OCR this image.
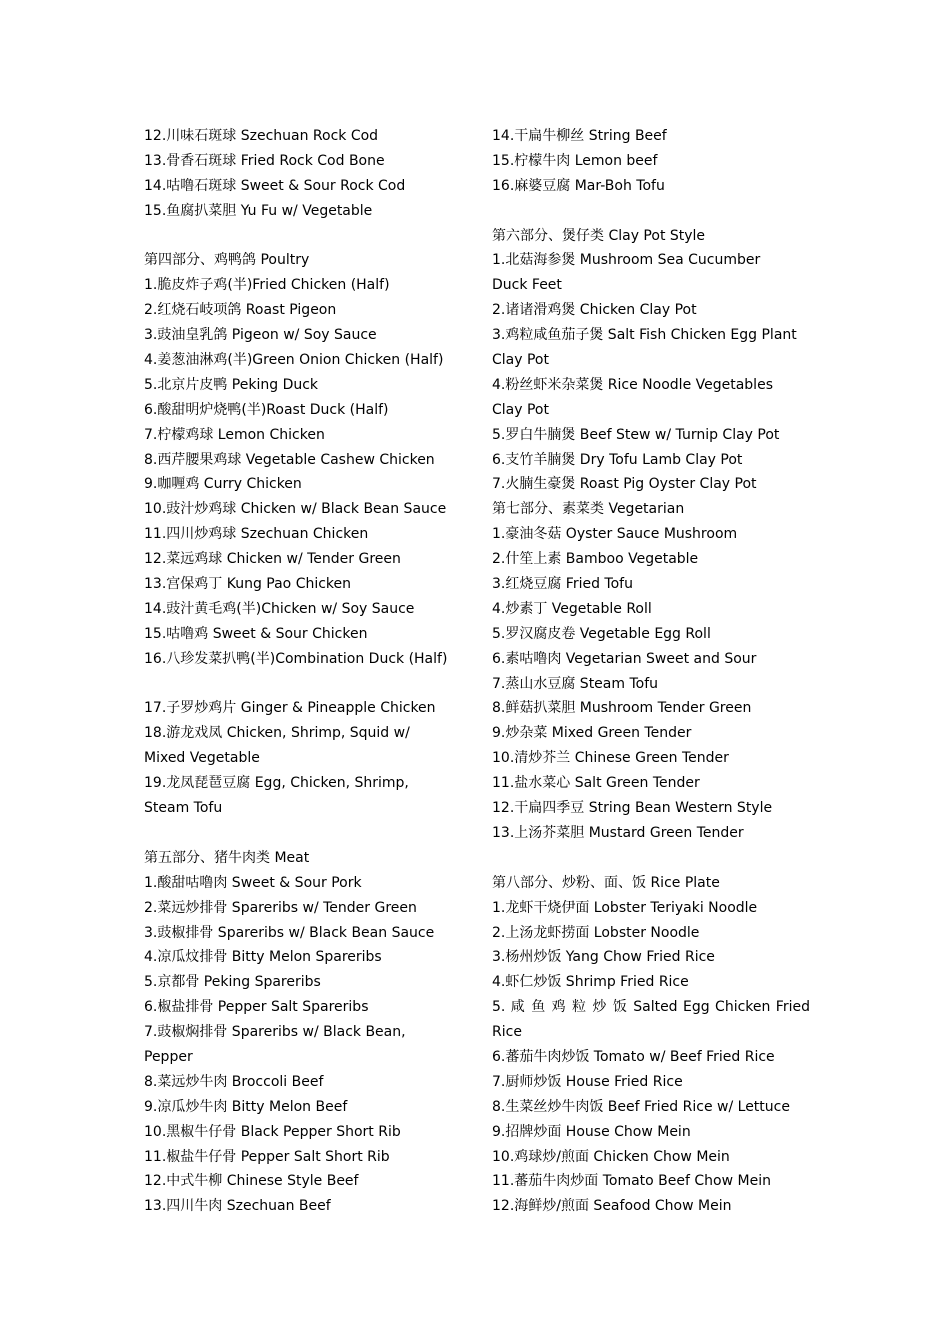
12.川味石斑球 Szechuan Rock Cod
13.骨香石斑球 Fried Rock Cod Bone
14.咕噜石斑球 Sweet & Sour Rock Cod
15.鱼腐扒菜胆 Yu Fu w/ Vegetable
第四部分、鸡鸭鸽 Poultry
1.脆皮炸子鸡(半)Fried Chicken (Half)
2.红烧石岐项鸽 Roast Pigeon
3.豉油皇乳鸽 Pigeon w/ Soy Sauce
4.姜葱油淋鸡(半)Green Onion Chicken (Half)
5.北京片皮鸭 Peking Duck
6.酸甜明炉烧鸭(半)Roast Duck (Half)
7.柠檬鸡球 Lemon Chicken
8.西芹腰果鸡球 Vegetable Cashew Chicken
9.咖喱鸡 Curry Chicken
10.豉汁炒鸡球 Chicken w/ Black Bean Sauce
11.四川炒鸡球 Szechuan Chicken
12.菜远鸡球 Chicken w/ Tender Green
13.宫保鸡丁 Kung Pao Chicken
14.豉汁黄毛鸡(半)Chicken w/ Soy Sauce
15.咕噜鸡 Sweet & Sour Chicken
16.八珍发菜扒鸭(半)Combination Duck (Half)
17.子罗炒鸡片 Ginger & Pineapple Chicken
18.游龙戏凤 Chicken, Shrimp, Squid w/
Mixed Vegetable
19.龙凤琵琶豆腐 Egg, Chicken, Shrimp,
Steam Tofu
第五部分、猪牛肉类 Meat
1.酸甜咕噜肉 Sweet & Sour Pork
2.菜远炒排骨 Spareribs w/ Tender Green
3.豉椒排骨 Spareribs w/ Black Bean Sauce
4.凉瓜炆排骨 Bitty Melon Spareribs
5.京都骨 Peking Spareribs
6.椒盐排骨 Pepper Salt Spareribs
7.豉椒焖排骨 Spareribs w/ Black Bean,
Pepper
8.菜远炒牛肉 Broccoli Beef
9.凉瓜炒牛肉 Bitty Melon Beef
10.黑椒牛仔骨 Black Pepper Short Rib
11.椒盐牛仔骨 Pepper Salt Short Rib
12.中式牛柳 Chinese Style Beef
13.四川牛肉 Szechuan Beef
14.干扁牛柳丝 String Beef
15.柠檬牛肉 Lemon beef
16.麻婆豆腐 Mar-Boh Tofu
第六部分、煲仔类 Clay Pot Style
1.北菇海参煲 Mushroom Sea Cucumber
Duck Feet
2.诸诸滑鸡煲 Chicken Clay Pot
3.鸡粒咸鱼茄子煲 Salt Fish Chicken Egg Plant
Clay Pot
4.粉丝虾米杂菜煲 Rice Noodle Vegetables
Clay Pot
5.罗白牛腩煲 Beef Stew w/ Turnip Clay Pot
6.支竹羊腩煲 Dry Tofu Lamb Clay Pot
7.火腩生豪煲 Roast Pig Oyster Clay Pot
第七部分、素菜类 Vegetarian
1.豪油冬菇 Oyster Sauce Mushroom
2.什笙上素 Bamboo Vegetable
3.红烧豆腐 Fried Tofu
4.炒素丁 Vegetable Roll
5.罗汉腐皮卷 Vegetable Egg Roll
6.素咕噜肉 Vegetarian Sweet and Sour
7.蒸山水豆腐 Steam Tofu
8.鲜菇扒菜胆 Mushroom Tender Green
9.炒杂菜 Mixed Green Tender
10.清炒芥兰 Chinese Green Tender
11.盐水菜心 Salt Green Tender
12.干扁四季豆 String Bean Western Style
13.上汤芥菜胆 Mustard Green Tender
第八部分、炒粉、面、饭 Rice Plate
1.龙虾干烧伊面 Lobster Teriyaki Noodle
2.上汤龙虾捞面 Lobster Noodle
3.杨州炒饭 Yang Chow Fried Rice
4.虾仁炒饭 Shrimp Fried Rice
5. 咸 鱼 鸡 粒 炒 饭 Salted Egg Chicken Fried
Rice
6.蕃茄牛肉炒饭 Tomato w/ Beef Fried Rice
7.厨师炒饭 House Fried Rice
8.生菜丝炒牛肉饭 Beef Fried Rice w/ Lettuce
9.招牌炒面 House Chow Mein
10.鸡球炒/煎面 Chicken Chow Mein
11.蕃茄牛肉炒面 Tomato Beef Chow Mein
12.海鲜炒/煎面 Seafood Chow Mein
